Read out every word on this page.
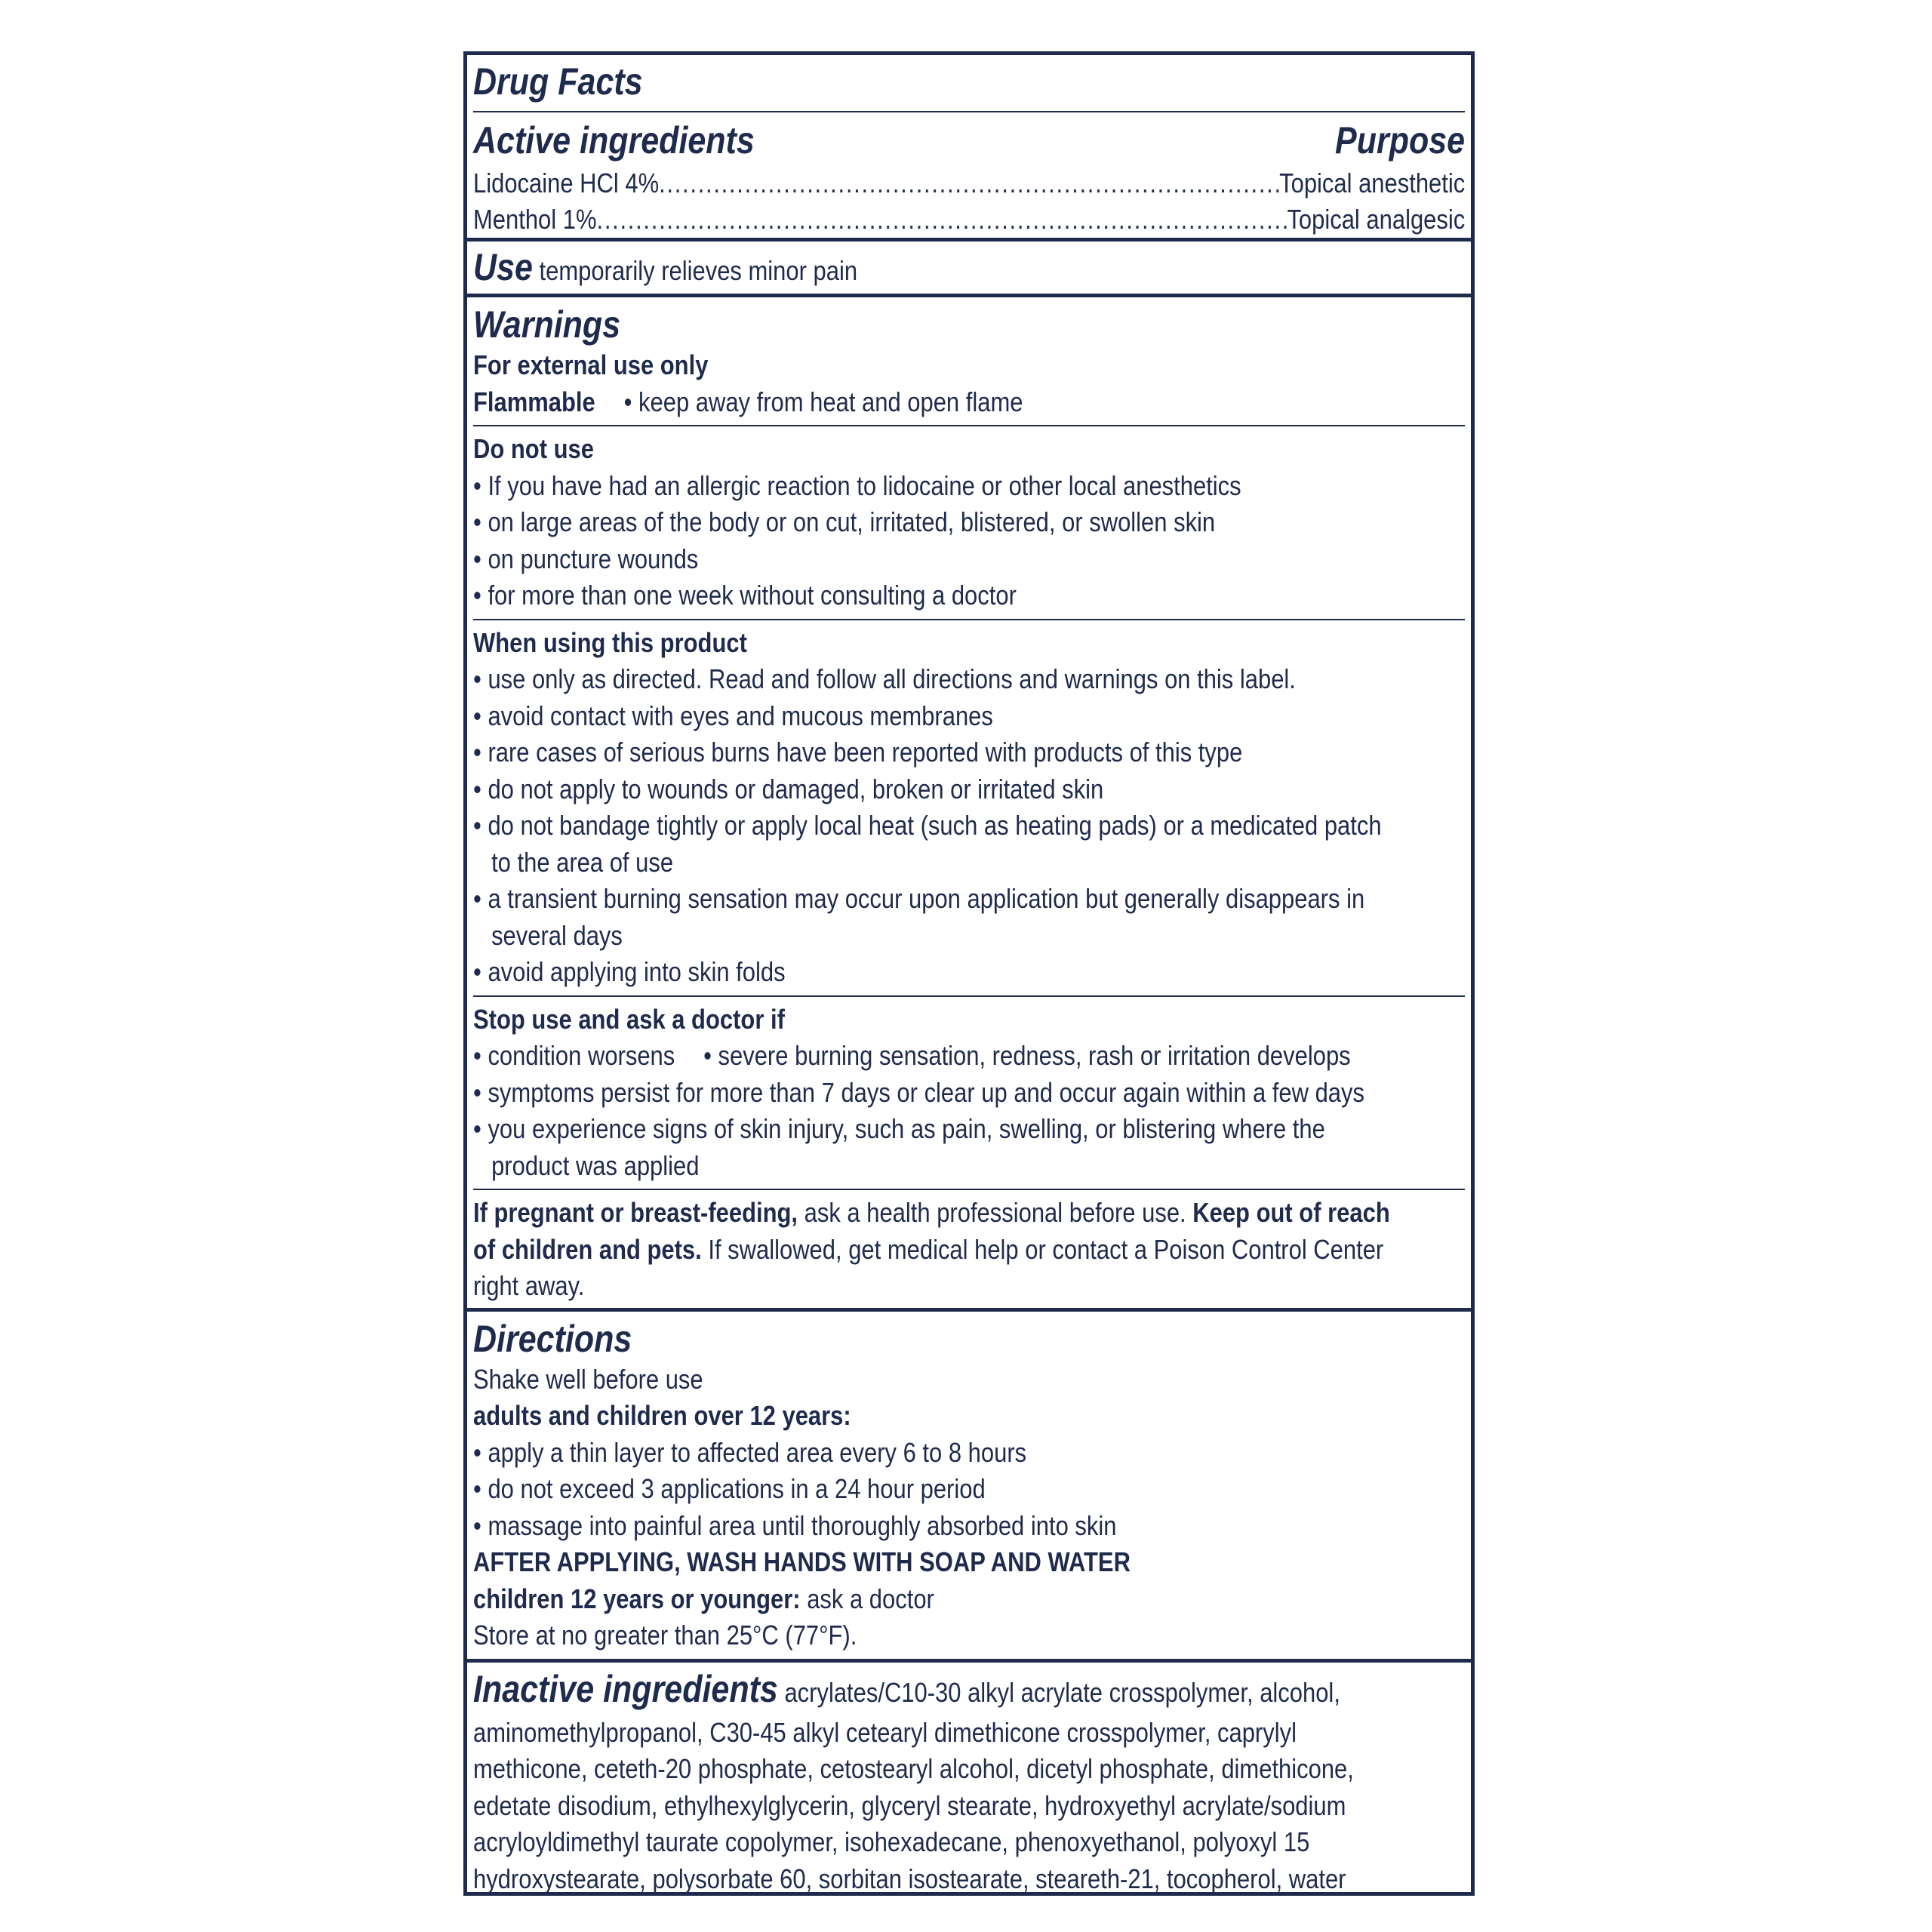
Drug Facts
Active ingredients	Purpose
Lidocaine HCl 4% .....	Topical anesthetic
Menthol 1% .....	Topical analgesic
Use temporarily relieves minor pain
Warnings
For external use only
Flammable • keep away from heat and open flame
Do not use
• If you have had an allergic reaction to lidocaine or other local anesthetics
• on large areas of the body or on cut, irritated, blistered, or swollen skin
• on puncture wounds
• for more than one week without consulting a doctor
When using this product
• use only as directed. Read and follow all directions and warnings on this label.
• avoid contact with eyes and mucous membranes
• rare cases of serious burns have been reported with products of this type
• do not apply to wounds or damaged, broken or irritated skin
• do not bandage tightly or apply local heat (such as heating pads) or a medicated patch
to the area of use
• a transient burning sensation may occur upon application but generally disappears in
several days
• avoid applying into skin folds
Stop use and ask a doctor if
• condition worsens • severe burning sensation, redness, rash or irritation develops
• symptoms persist for more than 7 days or clear up and occur again within a few days
• you experience signs of skin injury, such as pain, swelling, or blistering where the
product was applied
If pregnant or breast-feeding, ask a health professional before use. Keep out of reach
of children and pets. If swallowed, get medical help or contact a Poison Control Center
right away.
Directions
Shake well before use
adults and children over 12 years:
• apply a thin layer to affected area every 6 to 8 hours
• do not exceed 3 applications in a 24 hour period
• massage into painful area until thoroughly absorbed into skin
AFTER APPLYING, WASH HANDS WITH SOAP AND WATER
children 12 years or younger: ask a doctor
Store at no greater than 25°C (77°F).
Inactive ingredients acrylates/C10-30 alkyl acrylate crosspolymer, alcohol,
aminomethylpropanol, C30-45 alkyl cetearyl dimethicone crosspolymer, caprylyl
methicone, ceteth-20 phosphate, cetostearyl alcohol, dicetyl phosphate, dimethicone,
edetate disodium, ethylhexylglycerin, glyceryl stearate, hydroxyethyl acrylate/sodium
acryloyldimethyl taurate copolymer, isohexadecane, phenoxyethanol, polyoxyl 15
hydroxystearate, polysorbate 60, sorbitan isostearate, steareth-21, tocopherol, water
